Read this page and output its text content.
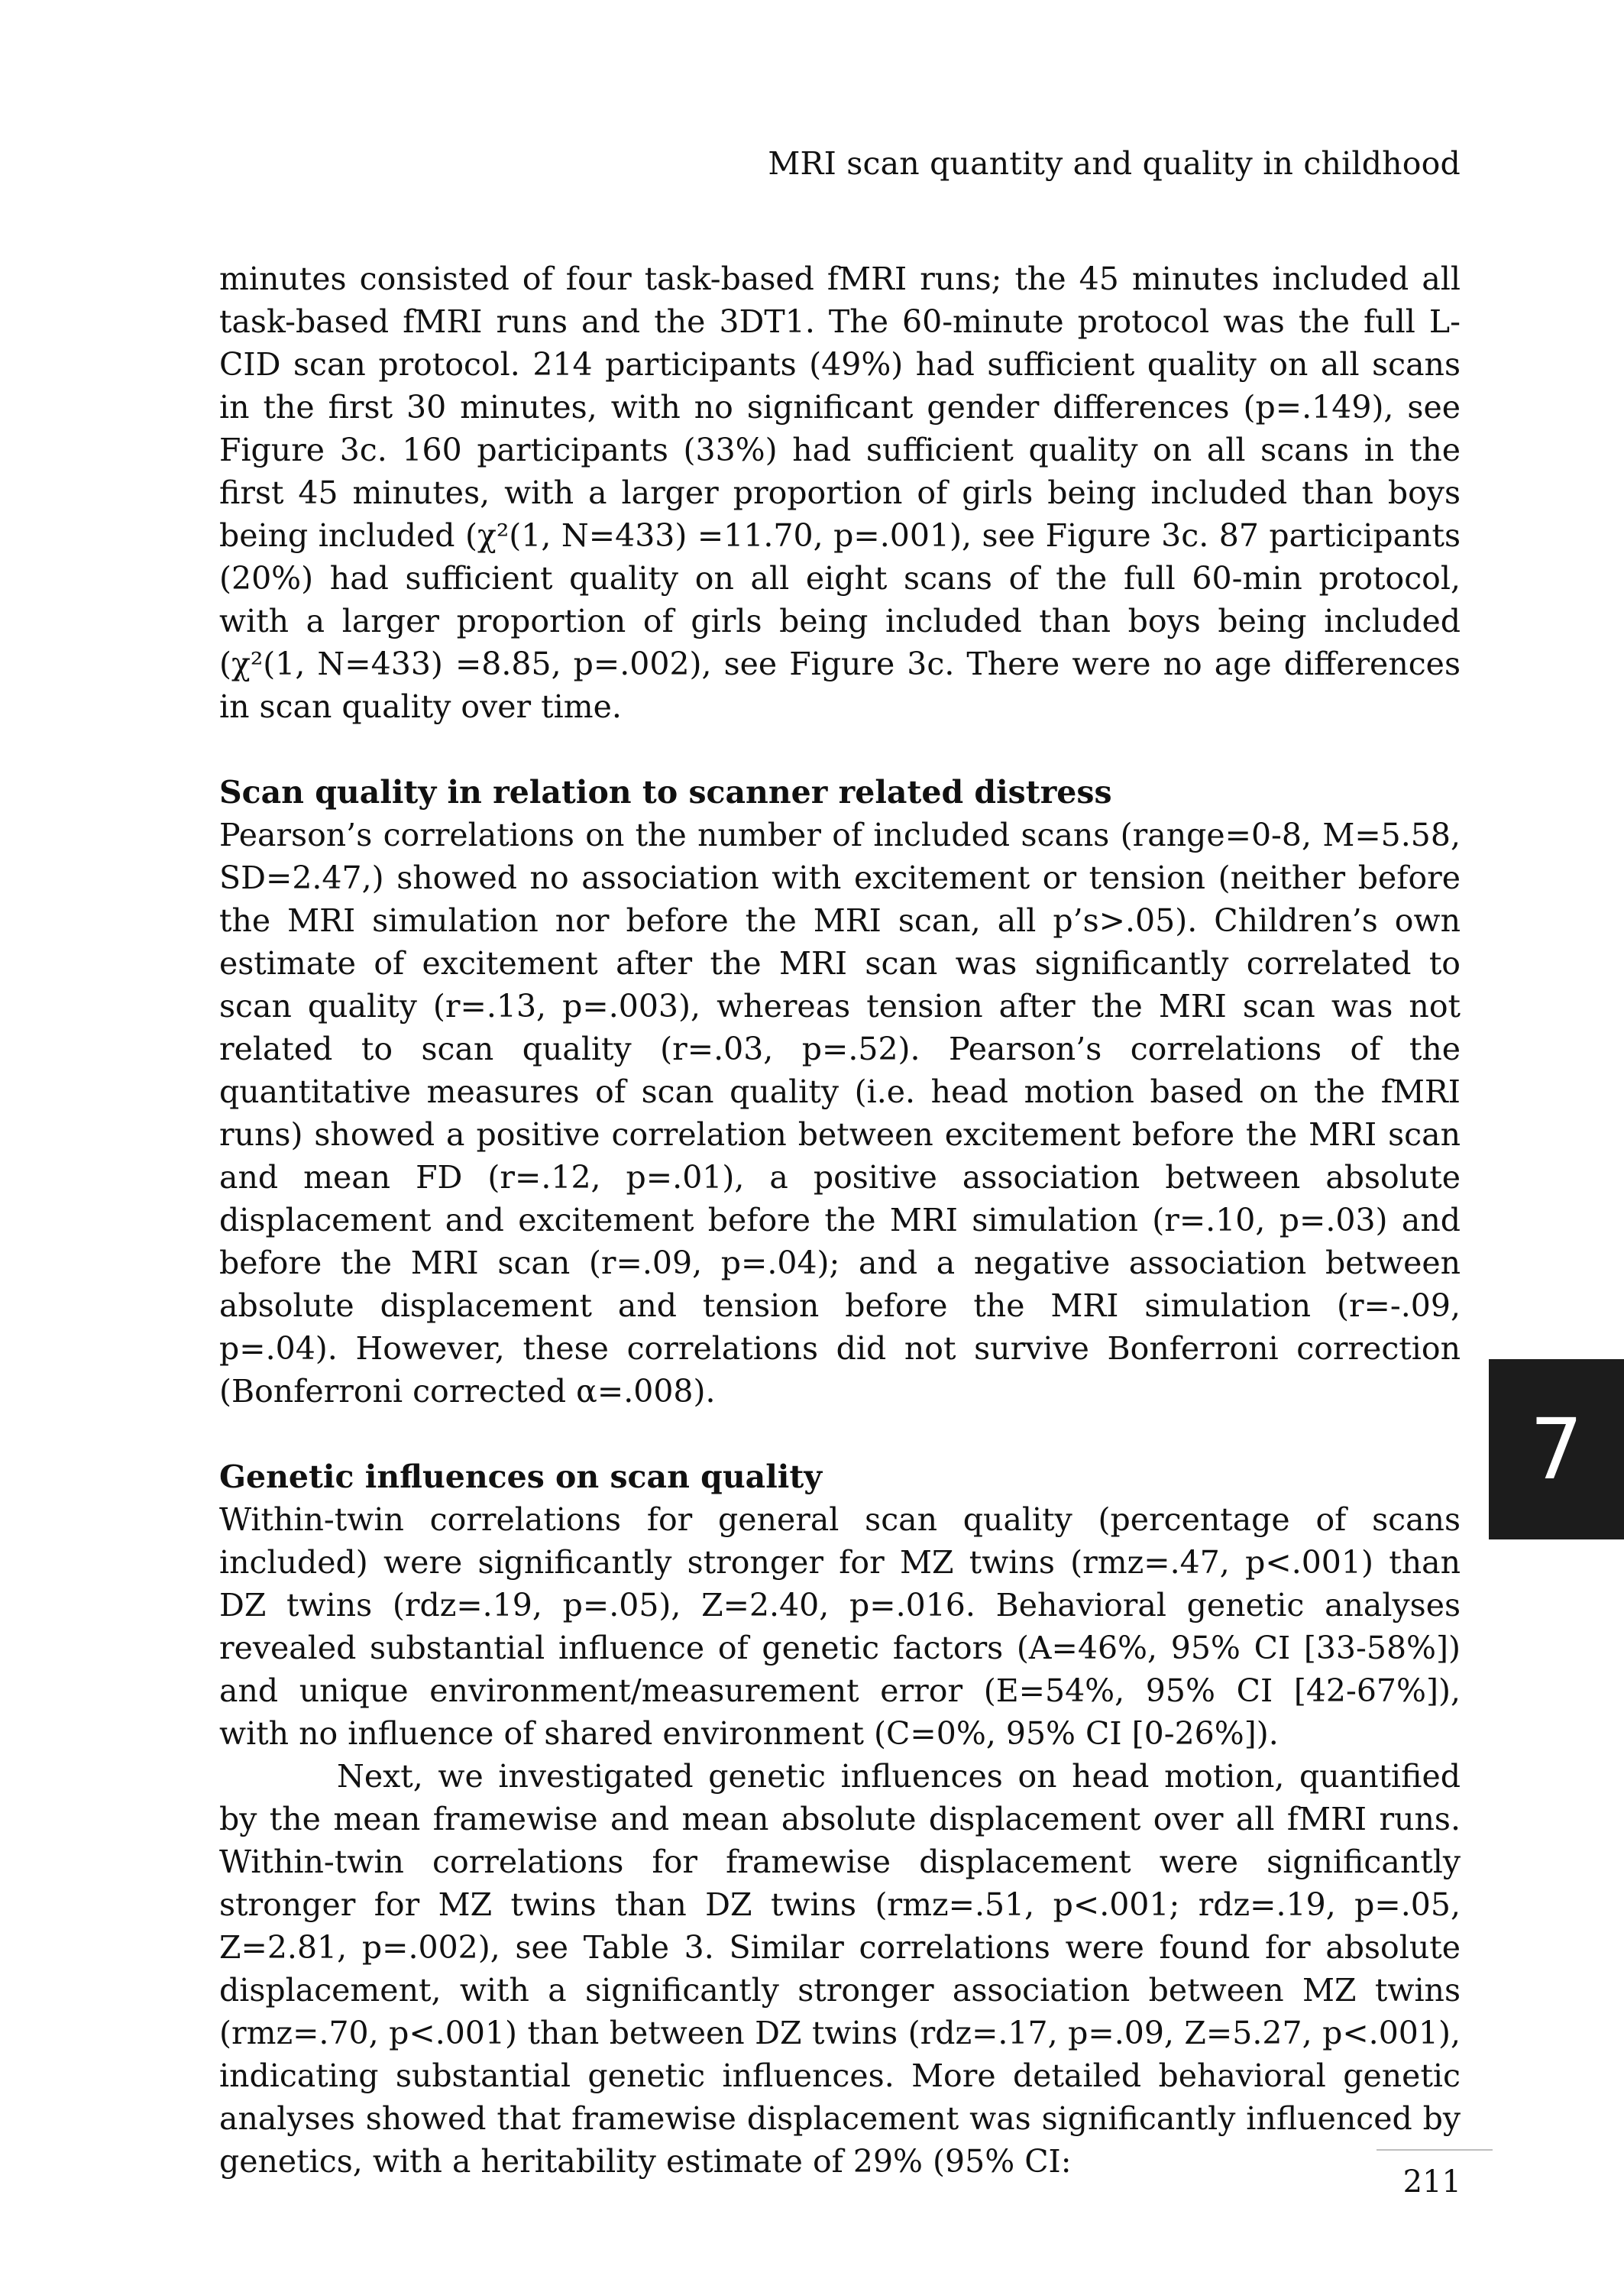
MRI scan quantity and quality in childhood

minutes consisted of four task-based fMRI runs; the 45 minutes included all task-based fMRI runs and the 3DT1. The 60-minute protocol was the full L-CID scan protocol. 214 participants (49%) had sufficient quality on all scans in the first 30 minutes, with no significant gender differences (p=.149), see Figure 3c. 160 participants (33%) had sufficient quality on all scans in the first 45 minutes, with a larger proportion of girls being included than boys being included (χ²(1, N=433) =11.70, p=.001), see Figure 3c. 87 participants (20%) had sufficient quality on all eight scans of the full 60-min protocol, with a larger proportion of girls being included than boys being included (χ²(1, N=433) =8.85, p=.002), see Figure 3c. There were no age differences in scan quality over time.

Scan quality in relation to scanner related distress

Pearson’s correlations on the number of included scans (range=0-8, M=5.58, SD=2.47,) showed no association with excitement or tension (neither before the MRI simulation nor before the MRI scan, all p’s>.05). Children’s own estimate of excitement after the MRI scan was significantly correlated to scan quality (r=.13, p=.003), whereas tension after the MRI scan was not related to scan quality (r=.03, p=.52). Pearson’s correlations of the quantitative measures of scan quality (i.e. head motion based on the fMRI runs) showed a positive correlation between excitement before the MRI scan and mean FD (r=.12, p=.01), a positive association between absolute displacement and excitement before the MRI simulation (r=.10, p=.03) and before the MRI scan (r=.09, p=.04); and a negative association between absolute displacement and tension before the MRI simulation (r=-.09, p=.04). However, these correlations did not survive Bonferroni correction (Bonferroni corrected α=.008).

Genetic influences on scan quality

Within-twin correlations for general scan quality (percentage of scans included) were significantly stronger for MZ twins (rmz=.47, p<.001) than DZ twins (rdz=.19, p=.05), Z=2.40, p=.016. Behavioral genetic analyses revealed substantial influence of genetic factors (A=46%, 95% CI [33-58%]) and unique environment/measurement error (E=54%, 95% CI [42-67%]), with no influence of shared environment (C=0%, 95% CI [0-26%]).

Next, we investigated genetic influences on head motion, quantified by the mean framewise and mean absolute displacement over all fMRI runs. Within-twin correlations for framewise displacement were significantly stronger for MZ twins than DZ twins (rmz=.51, p<.001; rdz=.19, p=.05, Z=2.81, p=.002), see Table 3. Similar correlations were found for absolute displacement, with a significantly stronger association between MZ twins (rmz=.70, p<.001) than between DZ twins (rdz=.17, p=.09, Z=5.27, p<.001), indicating substantial genetic influences. More detailed behavioral genetic analyses showed that framewise displacement was significantly influenced by genetics, with a heritability estimate of 29% (95% CI:

7
211
